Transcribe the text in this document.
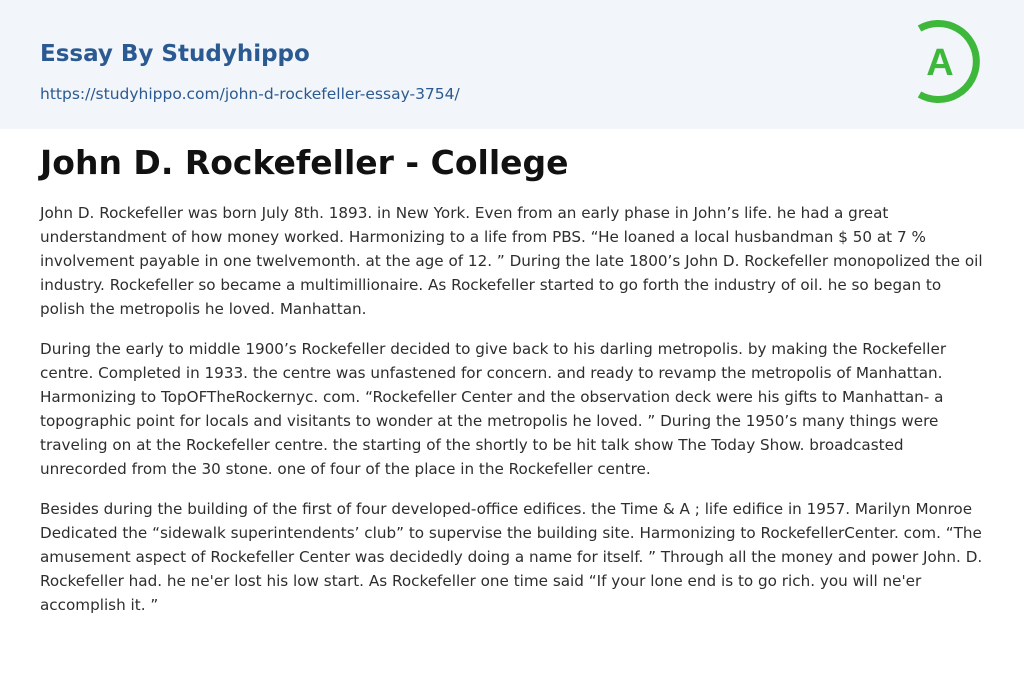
Essay By Studyhippo
https://studyhippo.com/john-d-rockefeller-essay-3754/
A
John D. Rockefeller - College

John D. Rockefeller was born July 8th. 1893. in New York. Even from an early phase in John’s life. he had a great understandment of how money worked. Harmonizing to a life from PBS. “He loaned a local husbandman $ 50 at 7 % involvement payable in one twelvemonth. at the age of 12. ” During the late 1800’s John D. Rockefeller monopolized the oil industry. Rockefeller so became a multimillionaire. As Rockefeller started to go forth the industry of oil. he so began to polish the metropolis he loved. Manhattan.

During the early to middle 1900’s Rockefeller decided to give back to his darling metropolis. by making the Rockefeller centre. Completed in 1933. the centre was unfastened for concern. and ready to revamp the metropolis of Manhattan. Harmonizing to TopOFTheRockernyc. com. “Rockefeller Center and the observation deck were his gifts to Manhattan- a topographic point for locals and visitants to wonder at the metropolis he loved. ” During the 1950’s many things were traveling on at the Rockefeller centre. the starting of the shortly to be hit talk show The Today Show. broadcasted unrecorded from the 30 stone. one of four of the place in the Rockefeller centre.

Besides during the building of the first of four developed-office edifices. the Time & A ; life edifice in 1957. Marilyn Monroe Dedicated the “sidewalk superintendents’ club” to supervise the building site. Harmonizing to RockefellerCenter. com. “The amusement aspect of Rockefeller Center was decidedly doing a name for itself. ” Through all the money and power John. D. Rockefeller had. he ne'er lost his low start. As Rockefeller one time said “If your lone end is to go rich. you will ne'er accomplish it. ”
